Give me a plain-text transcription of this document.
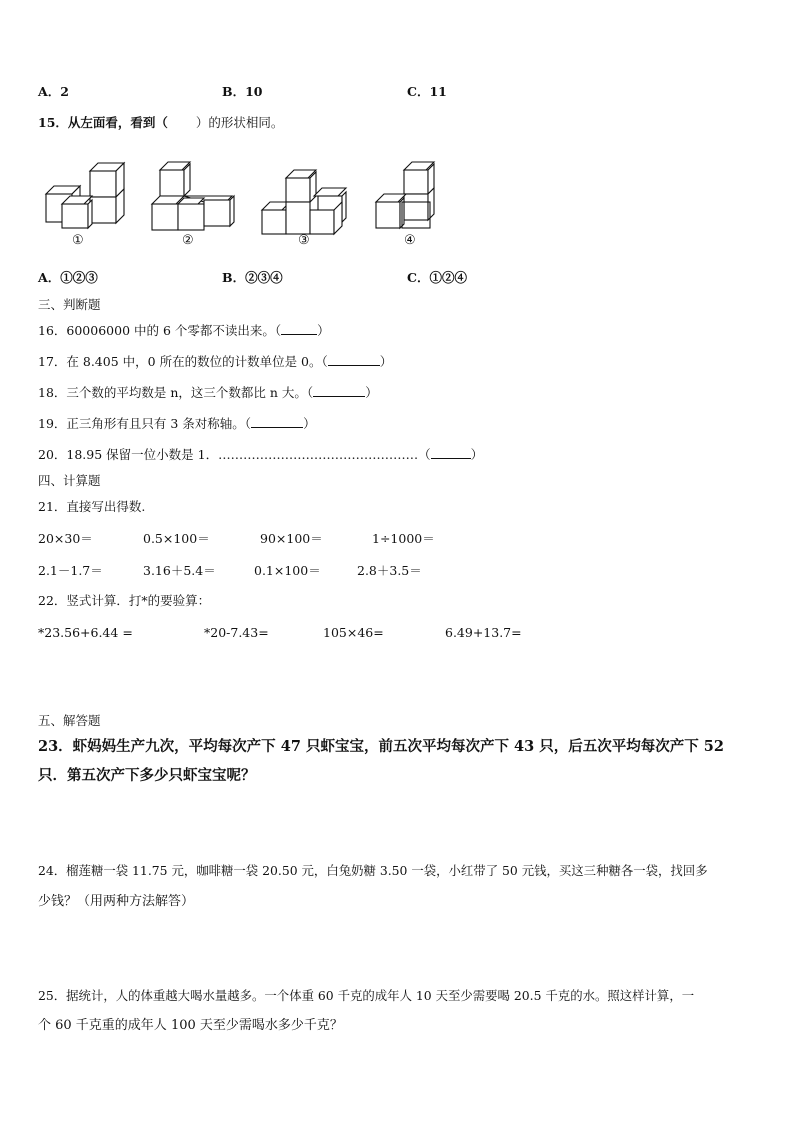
A．2	B．10	C．11
15．从左面看，看到（ ）的形状相同。
①	②	③	④
A．①②③	B．②③④	C．①②④
三、判断题
16．60006000 中的 6 个零都不读出来。（	）
17．在 8.405 中，0 所在的数位的计数单位是 0。（	）
18．三个数的平均数是 n，这三个数都比 n 大。（	）
19．正三角形有且只有 3 条对称轴。（	）
20．18.95 保留一位小数是 1．…………………………………………（	）
四、计算题
21．直接写出得数.
20×30＝	0.5×100＝	90×100＝	1÷1000＝
2.1－1.7＝	3.16＋5.4＝	0.1×100＝	2.8＋3.5＝
22．竖式计算．打*的要验算：
*23.56+6.44 =	*20-7.43=	105×46=	6.49+13.7=
五、解答题
23．虾妈妈生产九次，平均每次产下 47 只虾宝宝，前五次平均每次产下 43 只，后五次平均每次产下 52
只．第五次产下多少只虾宝宝呢？
24．榴莲糖一袋 11.75 元，咖啡糖一袋 20.50 元，白兔奶糖 3.50 一袋，小红带了 50 元钱，买这三种糖各一袋，找回多
少钱？（用两种方法解答）
25．据统计，人的体重越大喝水量越多。一个体重 60 千克的成年人 10 天至少需要喝 20.5 千克的水。照这样计算，一
个 60 千克重的成年人 100 天至少需喝水多少千克？
